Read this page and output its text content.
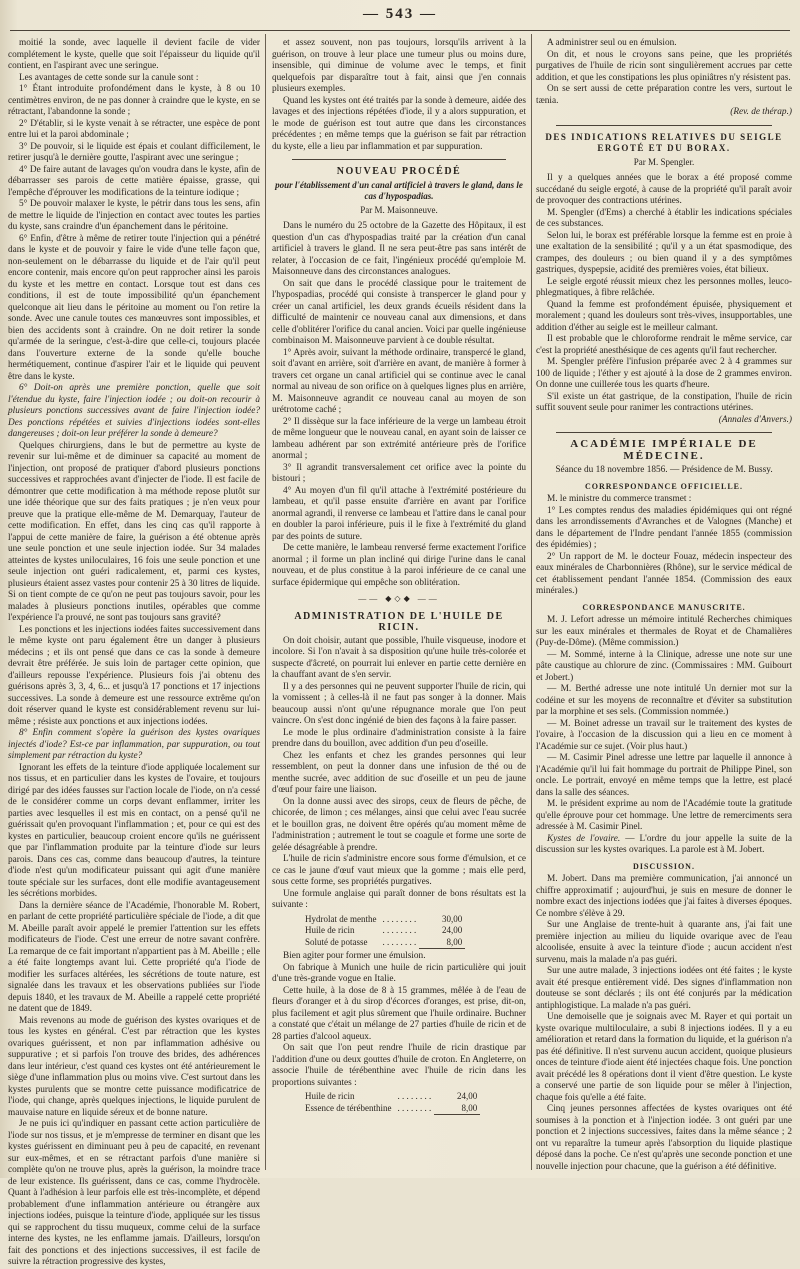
— 543 —

moitié la sonde, avec laquelle il devient facile de vider complétement le kyste, quelle que soit l'épaisseur du liquide qu'il contient, en l'aspirant avec une seringue.

Les avantages de cette sonde sur la canule sont :

1° Étant introduite profondément dans le kyste, à 8 ou 10 centimètres environ, de ne pas donner à craindre que le kyste, en se rétractant, l'abandonne la sonde ;

2° D'établir, si le kyste venait à se rétracter, une espèce de pont entre lui et la paroi abdominale ;

3° De pouvoir, si le liquide est épais et coulant difficilement, le retirer jusqu'à le dernière goutte, l'aspirant avec une seringue ;

4° De faire autant de lavages qu'on voudra dans le kyste, afin de débarrasser ses parois de cette matière épaisse, grasse, qui l'empêche d'éprouver les modifications de la teinture iodique ;

5° De pouvoir malaxer le kyste, le pétrir dans tous les sens, afin de mettre le liquide de l'injection en contact avec toutes les parties du kyste, sans craindre d'un épanchement dans le péritoine.

6° Enfin, d'être à même de retirer toute l'injection qui a pénétré dans le kyste et de pouvoir y faire le vide d'une telle façon que, non-seulement on le débarrasse du liquide et de l'air qu'il peut encore contenir, mais encore qu'on peut rapprocher ainsi les parois du kyste et les mettre en contact. Lorsque tout est dans ces conditions, il est de toute impossibilité qu'un épanchement quelconque ait lieu dans le péritoine au moment ou l'on retire la sonde. Avec une canule toutes ces manœuvres sont impossibles, et bien des accidents sont à craindre. On ne doit retirer la sonde qu'armée de la seringue, c'est-à-dire que celle-ci, toujours placée dans l'ouverture externe de la sonde qu'elle bouche hermétiquement, continue d'aspirer l'air et le liquide qui peuvent être dans le kyste.

6° Doit-on après une première ponction, quelle que soit l'étendue du kyste, faire l'injection iodée ; ou doit-on recourir à plusieurs ponctions successives avant de faire l'injection iodée? Des ponctions répétées et suivies d'injections iodées sont-elles dangereuses ; doit-on leur préférer la sonde à demeure?

Quelques chirurgiens, dans le but de permettre au kyste de revenir sur lui-même et de diminuer sa capacité au moment de l'injection, ont proposé de pratiquer d'abord plusieurs ponctions successives et rapprochées avant d'injecter de l'iode. Il est facile de démontrer que cette modification à ma méthode repose plutôt sur une idée théorique que sur des faits pratiques ; je n'en veux pour preuve que la pratique elle-même de M. Demarquay, l'auteur de cette modification. En effet, dans les cinq cas qu'il rapporte à l'appui de cette manière de faire, la guérison a été obtenue après une seule ponction et une seule injection iodée. Sur 34 malades atteintes de kystes uniloculaires, 16 fois une seule ponction et une seule injection ont guéri radicalement, et, parmi ces kystes, plusieurs étaient assez vastes pour contenir 25 à 30 litres de liquide. Si on tient compte de ce qu'on ne peut pas toujours savoir, pour les malades à plusieurs ponctions inutiles, opérables que comme l'expérience l'a prouvé, ne sont pas toujours sans gravité?

Les ponctions et les injections iodées faites successivement dans le même kyste ont paru également être un danger à plusieurs médecins ; et ils ont pensé que dans ce cas la sonde à demeure devrait être préférée. Je suis loin de partager cette opinion, que d'ailleurs repousse l'expérience. Plusieurs fois j'ai obtenu des guérisons après 3, 3, 4, 6... et jusqu'à 17 ponctions et 17 injections successives. La sonde à demeure est une ressource extrême qu'on doit réserver quand le kyste est considérablement revenu sur lui-même ; résiste aux ponctions et aux injections iodées.

8° Enfin comment s'opère la guérison des kystes ovariques injectés d'iode? Est-ce par inflammation, par suppuration, ou tout simplement par rétraction du kyste?

Ignorant les effets de la teinture d'iode appliquée localement sur nos tissus, et en particulier dans les kystes de l'ovaire, et toujours dirigé par des idées fausses sur l'action locale de l'iode, on n'a cessé de le considérer comme un corps devant enflammer, irriter les parties avec lesquelles il est mis en contact, on a pensé qu'il ne guérissait qu'en provoquant l'inflammation ; et, pour ce qui est des kystes en particulier, beaucoup croient encore qu'ils ne guérissent que par l'inflammation produite par la teinture d'iode sur leurs parois. Dans ces cas, comme dans beaucoup d'autres, la teinture d'iode n'est qu'un modificateur puissant qui agit d'une manière toute spéciale sur les surfaces, dont elle modifie avantageusement les sécrétions morbides.

Dans la dernière séance de l'Académie, l'honorable M. Robert, en parlant de cette propriété particulière spéciale de l'iode, a dit que M. Abeille paraît avoir appelé le premier l'attention sur les effets modificateurs de l'iode. C'est une erreur de notre savant confrère. La remarque de ce fait important n'appartient pas à M. Abeille ; elle a été faite longtemps avant lui. Cette propriété qu'a l'iode de modifier les surfaces altérées, les sécrétions de toute nature, est signalée dans les travaux et les observations publiées sur l'iode depuis 1840, et les travaux de M. Abeille a rappelé cette propriété ne datent que de 1849.

Mais revenons au mode de guérison des kystes ovariques et de tous les kystes en général. C'est par rétraction que les kystes ovariques guérissent, et non par inflammation adhésive ou suppurative ; et si parfois l'on trouve des brides, des adhérences dans leur intérieur, c'est quand ces kystes ont été antérieurement le siège d'une inflammation plus ou moins vive. C'est surtout dans les kystes purulents que se montre cette puissance modificatrice de l'iode, qui change, après quelques injections, le liquide purulent de mauvaise nature en liquide séreux et de bonne nature.

Je ne puis ici qu'indiquer en passant cette action particulière de l'iode sur nos tissus, et je m'empresse de terminer en disant que les kystes guérissent en diminuant peu à peu de capacité, en revenant sur eux-mêmes, et en se rétractant parfois d'une manière si complète qu'on ne trouve plus, après la guérison, la moindre trace de leur existence. Ils guérissent, dans ce cas, comme l'hydrocèle. Quant à l'adhésion à leur parfois elle est très-incomplète, et dépend probablement d'une inflammation antérieure ou étrangère aux injections iodées, puisque la teinture d'iode, appliquée sur les tissus qui se rapprochent du tissu muqueux, comme celui de la surface interne des kystes, ne les enflamme jamais. D'ailleurs, lorsqu'on fait des ponctions et des injections successives, il est facile de suivre la rétraction progressive des kystes,

et assez souvent, non pas toujours, lorsqu'ils arrivent à la guérison, on trouve à leur place une tumeur plus ou moins dure, insensible, qui diminue de volume avec le temps, et finit quelquefois par disparaître tout à fait, ainsi que j'en connais plusieurs exemples.

Quand les kystes ont été traités par la sonde à demeure, aidée des lavages et des injections répétées d'iode, il y a alors suppuration, et le mode de guérison est tout autre que dans les circonstances précédentes ; en même temps que la guérison se fait par rétraction du kyste, elle a lieu par inflammation et par suppuration.

NOUVEAU PROCÉDÉ
pour l'établissement d'un canal artificiel à travers le gland, dans le cas d'hypospadias.
Par M. Maisonneuve.

Dans le numéro du 25 octobre de la Gazette des Hôpitaux, il est question d'un cas d'hypospadias traité par la création d'un canal artificiel à travers le gland. Il ne sera peut-être pas sans intérêt de relater, à l'occasion de ce fait, l'ingénieux procédé qu'emploie M. Maisonneuve dans des circonstances analogues.

On sait que dans le procédé classique pour le traitement de l'hypospadias, procédé qui consiste à transpercer le gland pour y créer un canal artificiel, les deux grands écueils résident dans la difficulté de maintenir ce nouveau canal aux dimensions, et dans celle d'oblitérer l'orifice du canal ancien. Voici par quelle ingénieuse combinaison M. Maisonneuve parvient à ce double résultat.

1° Après avoir, suivant la méthode ordinaire, transpercé le gland, soit d'avant en arrière, soit d'arrière en avant, de manière à former à travers cet organe un canal artificiel qui se continue avec le canal normal au niveau de son orifice on à quelques lignes plus en arrière, M. Maisonneuve agrandit ce nouveau canal au moyen de son urétrotome caché ;

2° Il dissèque sur la face inférieure de la verge un lambeau étroit de même longueur que le nouveau canal, en ayant soin de laisser ce lambeau adhérent par son extrémité antérieure près de l'orifice anormal ;

3° Il agrandit transversalement cet orifice avec la pointe du bistouri ;

4° Au moyen d'un fil qu'il attache à l'extrémité postérieure du lambeau, et qu'il passe ensuite d'arrière en avant par l'orifice anormal agrandi, il renverse ce lambeau et l'attire dans le canal pour en doubler la paroi inférieure, puis il le fixe à l'extrémité du gland par des points de suture.

De cette manière, le lambeau renversé ferme exactement l'orifice anormal ; il forme un plan incliné qui dirige l'urine dans le canal nouveau, et de plus constitue à la paroi inférieure de ce canal une surface épidermique qui empêche son oblitération.

—— ◆◇◆ ——
ADMINISTRATION DE L'HUILE DE RICIN.

On doit choisir, autant que possible, l'huile visqueuse, inodore et incolore. Si l'on n'avait à sa disposition qu'une huile très-colorée et suspecte d'âcreté, on pourrait lui enlever en partie cette dernière en la chauffant avant de s'en servir.

Il y a des personnes qui ne peuvent supporter l'huile de ricin, qui la vomissent ; à celles-là il ne faut pas songer à la donner. Mais beaucoup aussi n'ont qu'une répugnance morale que l'on peut vaincre. On s'est donc ingénié de bien des façons à la faire passer.

Le mode le plus ordinaire d'administration consiste à la faire prendre dans du bouillon, avec addition d'un peu d'oseille.

Chez les enfants et chez les grandes personnes qui leur ressemblent, on peut la donner dans une infusion de thé ou de menthe sucrée, avec addition de suc d'oseille et un peu de jaune d'œuf pour faire une liaison.

On la donne aussi avec des sirops, ceux de fleurs de pêche, de chicorée, de limon ; ces mélanges, ainsi que celui avec l'eau sucrée et le bouillon gras, ne doivent être opérés qu'au moment même de l'administration ; autrement le tout se coagule et forme une sorte de gelée désagréable à prendre.

L'huile de ricin s'administre encore sous forme d'émulsion, et ce ce cas le jaune d'œuf vaut mieux que la gomme ; mais elle perd, sous cette forme, ses propriétés purgatives.

Une formule anglaise qui paraît donner de bons résultats est la suivante :

Hydrolat de menthe	. . . . . . . .	30,00
Huile de ricin	. . . . . . . .	24,00
Soluté de potasse	. . . . . . . .	8,00

Bien agiter pour former une émulsion.

On fabrique à Munich une huile de ricin particulière qui jouit d'une très-grande vogue en Italie.

Cette huile, à la dose de 8 à 15 grammes, mêlée à de l'eau de fleurs d'oranger et à du sirop d'écorces d'oranges, est prise, dit-on, plus facilement et agit plus sûrement que l'huile ordinaire. Buchner a constaté que c'était un mélange de 27 parties d'huile de ricin et de 28 parties d'alcool aqueux.

On sait que l'on peut rendre l'huile de ricin drastique par l'addition d'une ou deux gouttes d'huile de croton. En Angleterre, on associe l'huile de térébenthine avec l'huile de ricin dans les proportions suivantes :

Huile de ricin	. . . . . . . .	24,00
Essence de térébenthine	. . . . . . . .	8,00

A administrer seul ou en émulsion.

On dit, et nous le croyons sans peine, que les propriétés purgatives de l'huile de ricin sont singulièrement accrues par cette addition, et que les constipations les plus opiniâtres n'y résistent pas.

On se sert aussi de cette préparation contre les vers, surtout le tænia.

(Rev. de thérap.)

DES INDICATIONS RELATIVES DU SEIGLE ERGOTÉ ET DU BORAX.
Par M. Spengler.

Il y a quelques années que le borax a été proposé comme succédané du seigle ergoté, à cause de la propriété qu'il paraît avoir de provoquer des contractions utérines.

M. Spengler (d'Ems) a cherché à établir les indications spéciales de ces substances.

Selon lui, le borax est préférable lorsque la femme est en proie à une exaltation de la sensibilité ; qu'il y a un état spasmodique, des crampes, des douleurs ; ou bien quand il y a des symptômes gastriques, dyspepsie, acidité des premières voies, état bilieux.

Le seigle ergoté réussit mieux chez les personnes molles, leuco-phlegmatiques, à fibre relâchée.

Quand la femme est profondément épuisée, physiquement et moralement ; quand les douleurs sont très-vives, insupportables, une addition d'éther au seigle est le meilleur calmant.

Il est probable que le chloroforme rendrait le même service, car c'est la propriété anesthésique de ces agents qu'il faut rechercher.

M. Spengler préfère l'infusion préparée avec 2 à 4 grammes sur 100 de liquide ; l'éther y est ajouté à la dose de 2 grammes environ. On donne une cuillerée tous les quarts d'heure.

S'il existe un état gastrique, de la constipation, l'huile de ricin suffit souvent seule pour ranimer les contractions utérines.

(Annales d'Anvers.)

ACADÉMIE IMPÉRIALE DE MÉDECINE.

Séance du 18 novembre 1856. — Présidence de M. Bussy.

CORRESPONDANCE OFFICIELLE.

M. le ministre du commerce transmet :

1° Les comptes rendus des maladies épidémiques qui ont régné dans les arrondissements d'Avranches et de Valognes (Manche) et dans le département de l'Indre pendant l'année 1855 (commission des épidémies) ;

2° Un rapport de M. le docteur Fouaz, médecin inspecteur des eaux minérales de Charbonnières (Rhône), sur le service médical de cet établissement pendant l'année 1854. (Commission des eaux minérales.)

CORRESPONDANCE MANUSCRITE.

M. J. Lefort adresse un mémoire intitulé Recherches chimiques sur les eaux minérales et thermales de Royat et de Chamalières (Puy-de-Dôme). (Même commission.)

— M. Sommé, interne à la Clinique, adresse une note sur une pâte caustique au chlorure de zinc. (Commissaires : MM. Guibourt et Jobert.)

— M. Berthé adresse une note intitulé Un dernier mot sur la codéine et sur les moyens de reconnaître et d'éviter sa substitution par la morphine et ses sels. (Commission nommée.)

— M. Boinet adresse un travail sur le traitement des kystes de l'ovaire, à l'occasion de la discussion qui a lieu en ce moment à l'Académie sur ce sujet. (Voir plus haut.)

— M. Casimir Pinel adresse une lettre par laquelle il annonce à l'Académie qu'il lui fait hommage du portrait de Philippe Pinel, son oncle. Le portrait, envoyé en même temps que la lettre, est placé dans la salle des séances.

M. le président exprime au nom de l'Académie toute la gratitude qu'elle éprouve pour cet hommage. Une lettre de remerciments sera adressée à M. Casimir Pinel.

Kystes de l'ovaire. — L'ordre du jour appelle la suite de la discussion sur les kystes ovariques. La parole est à M. Jobert.

DISCUSSION.

M. Jobert. Dans ma première communication, j'ai annoncé un chiffre approximatif ; aujourd'hui, je suis en mesure de donner le nombre exact des injections iodées que j'ai faites à diverses époques. Ce nombre s'élève à 29.

Sur une Anglaise de trente-huit à quarante ans, j'ai fait une première injection au milieu du liquide ovarique avec de l'eau alcoolisée, ensuite à avec la teinture d'iode ; aucun accident n'est survenu, mais la malade n'a pas guéri.

Sur une autre malade, 3 injections iodées ont été faites ; le kyste avait été presque entièrement vidé. Des signes d'inflammation non douteuse se sont déclarés ; ils ont été conjurés par la médication antiphlogistique. La malade n'a pas guéri.

Une demoiselle que je soignais avec M. Rayer et qui portait un kyste ovarique multiloculaire, a subi 8 injections iodées. Il y a eu amélioration et retard dans la formation du liquide, et la guérison n'a pas été définitive. Il n'est survenu aucun accident, quoique plusieurs onces de teinture d'iode aient été injectées chaque fois. Une ponction avait précédé les 8 opérations dont il vient d'être question. Le kyste a conservé une partie de son liquide pour se mêler à l'injection, chaque fois qu'elle a été faite.

Cinq jeunes personnes affectées de kystes ovariques ont été soumises à la ponction et à l'injection iodée. 3 ont guéri par une ponction et 2 injections successives, faites dans la même séance ; 2 ont vu reparaître la tumeur après l'absorption du liquide plastique déposé dans la poche. Ce n'est qu'après une seconde ponction et une nouvelle injection pour chacune, que la guérison a été définitive.
